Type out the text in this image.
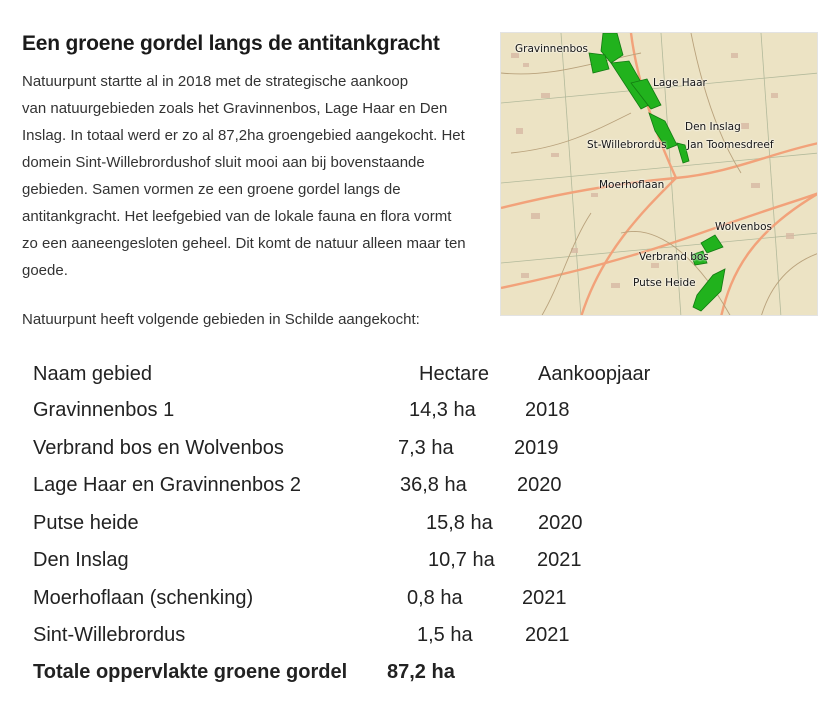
Een groene gordel langs de antitankgracht

Natuurpunt startte al in 2018 met de strategische aankoop

van natuurgebieden zoals het Gravinnenbos, Lage Haar en Den

Inslag. In totaal werd er zo al 87,2ha groengebied aangekocht. Het

domein Sint-Willebrordushof sluit mooi aan bij bovenstaande

gebieden. Samen vormen ze een groene gordel langs de

antitankgracht. Het leefgebied van de lokale fauna en flora vormt

zo een aaneengesloten geheel. Dit komt de natuur alleen maar ten

goede.

Natuurpunt heeft volgende gebieden in Schilde aangekocht:

Gravinnenbos
Lage Haar
Den Inslag
St-Willebrordus Jan Toomesdreef
Moerhoflaan
Wolvenbos
Verbrand bos
Putse Heide
Naam gebied	Hectare Aankoopjaar
Gravinnenbos 1	14,3 ha 2018
Verbrand bos en Wolvenbos	7,3 ha	2019
Lage Haar en Gravinnenbos 2	36,8 ha	2020
Putse heide	15,8 ha 2020
Den Inslag	10,7 ha 2021
Moerhoflaan (schenking)	0,8 ha	2021
Sint-Willebrordus	1,5 ha	2021
Totale oppervlakte groene gordel 87,2 ha
